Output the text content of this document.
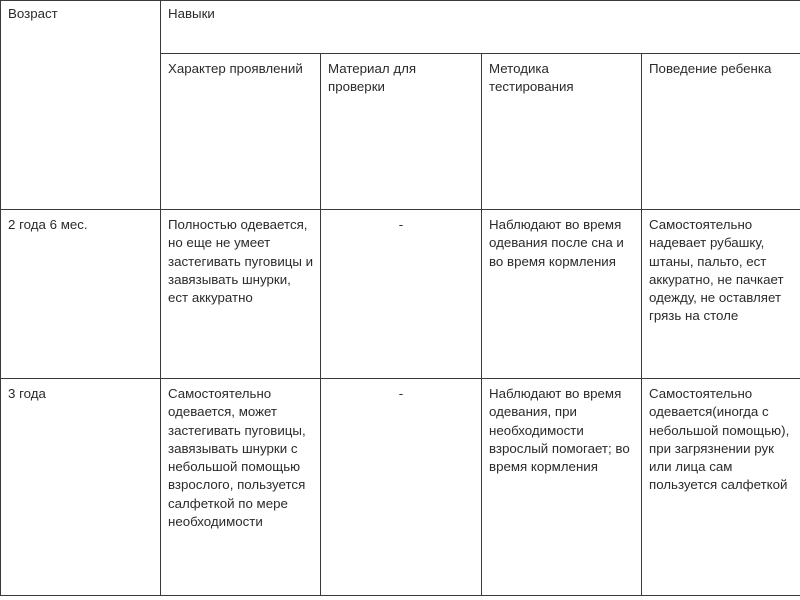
Возраст	Навыки			
	Характер проявлений	Материал для проверки	Методика тестирования	Поведение ребенка
2 года 6 мес.	Полностью одевается, но еще не умеет застегивать пуговицы и завязывать шнурки, ест аккуратно	-	Наблюдают во время одевания после сна и во время кормления	Самостоятельно надевает рубашку, штаны, пальто, ест аккуратно, не пачкает одежду, не оставляет грязь на столе
3 года	Самостоятельно одевается, может застегивать пуговицы, завязывать шнурки с небольшой помощью взрослого, пользуется салфеткой по мере необходимости	-	Наблюдают во время одевания, при необходимости взрослый помогает; во время кормления	Самостоятельно одевается(иногда с небольшой помощью), при загрязнении рук или лица сам пользуется салфеткой
